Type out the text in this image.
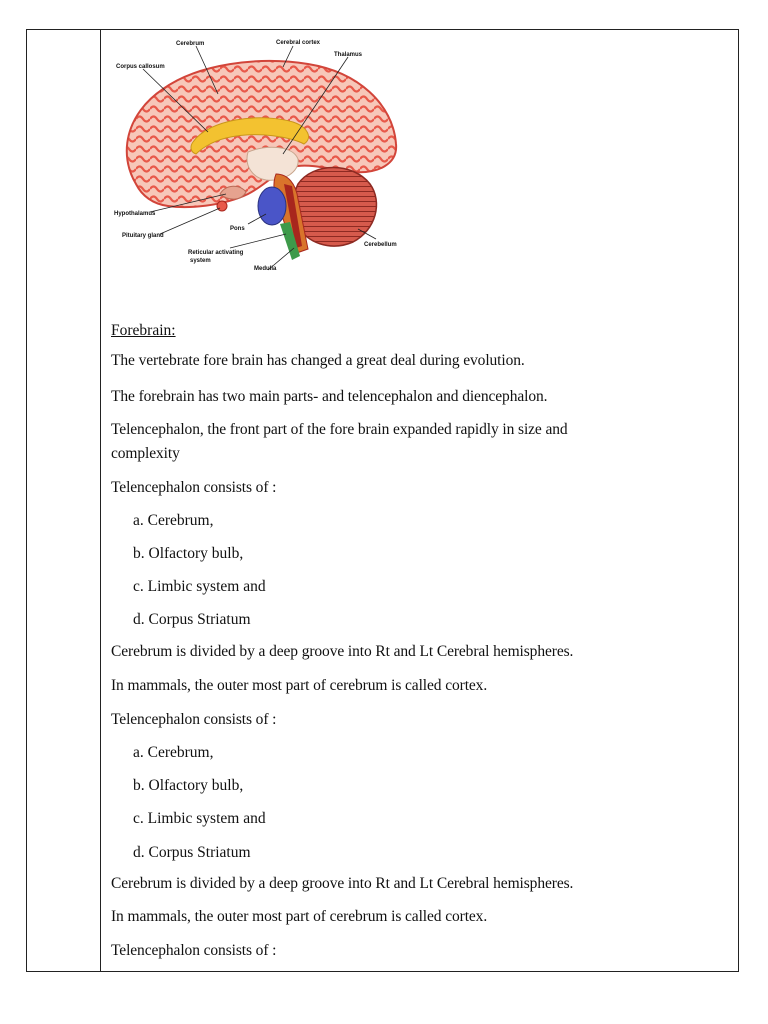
Cerebrum	Cerebral cortex
Corpus callosum
Thalamus
Hypothalamus
Pituitary gland
Pons
Reticular activating
system
Medulla
Cerebellum
Forebrain:
The vertebrate fore brain has changed a great deal during evolution.
The forebrain has two main parts- and telencephalon and diencephalon.
Telencephalon, the front part of the fore brain expanded rapidly in size and
complexity
Telencephalon consists of :
a. Cerebrum,
b. Olfactory bulb,
c. Limbic system and
d. Corpus Striatum
Cerebrum is divided by a deep groove into Rt and Lt Cerebral hemispheres.
In mammals, the outer most part of cerebrum is called cortex.
Telencephalon consists of :
a. Cerebrum,
b. Olfactory bulb,
c. Limbic system and
d. Corpus Striatum
Cerebrum is divided by a deep groove into Rt and Lt Cerebral hemispheres.
In mammals, the outer most part of cerebrum is called cortex.
Telencephalon consists of :
